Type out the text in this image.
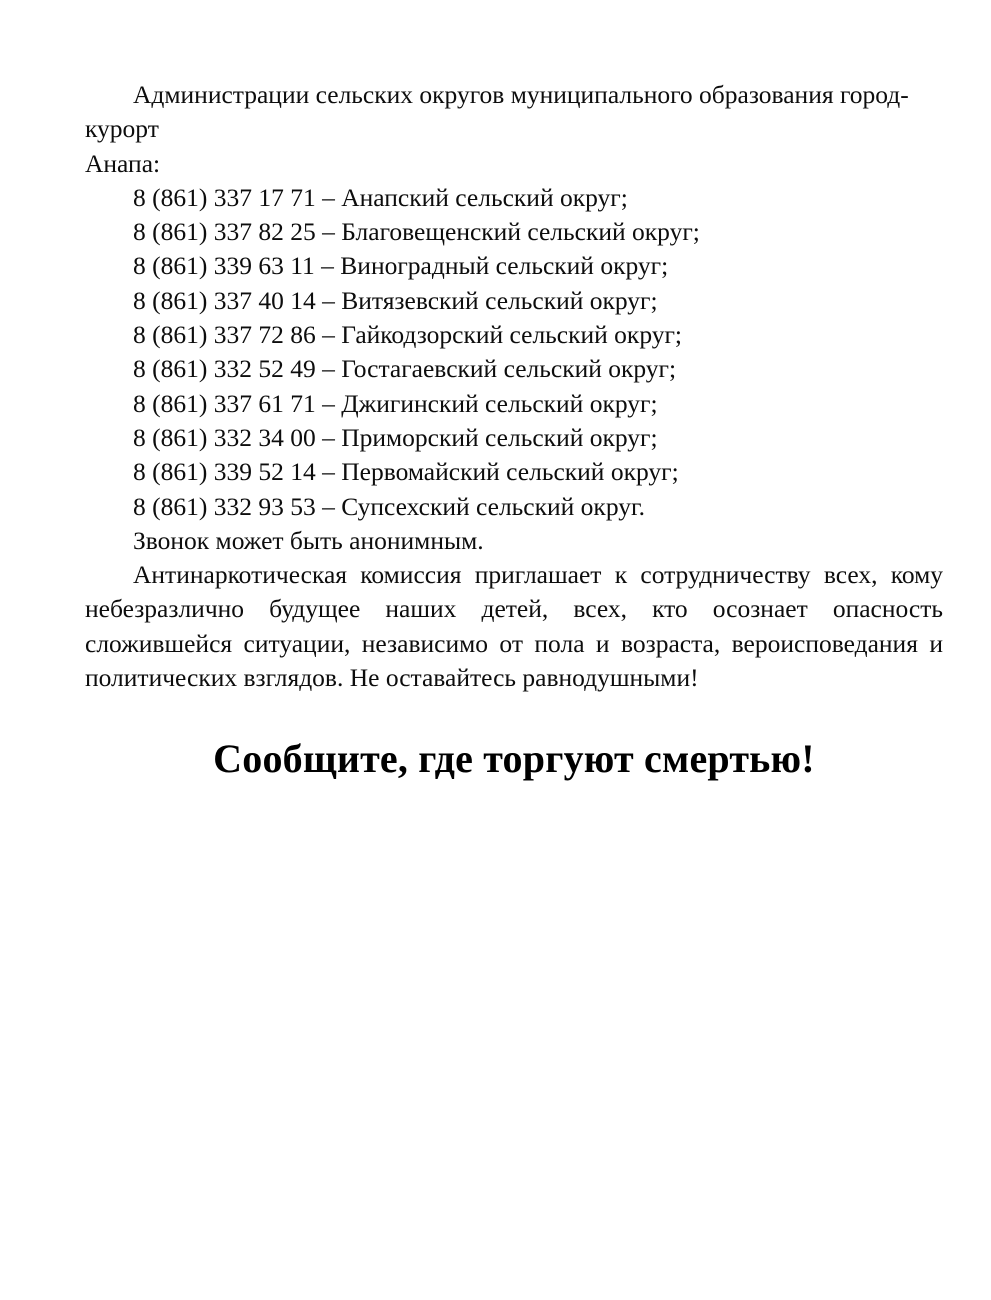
Администрации сельских округов муниципального образования город-курорт

Анапа:

8 (861) 337 17 71 – Анапский сельский округ;

8 (861) 337 82 25 – Благовещенский сельский округ;

8 (861) 339 63 11 – Виноградный сельский округ;

8 (861) 337 40 14 – Витязевский сельский округ;

8 (861) 337 72 86 – Гайкодзорский сельский округ;

8 (861) 332 52 49 – Гостагаевский сельский округ;

8 (861) 337 61 71 – Джигинский сельский округ;

8 (861) 332 34 00 – Приморский сельский округ;

8 (861) 339 52 14 – Первомайский сельский округ;

8 (861) 332 93 53 – Супсехский сельский округ.

Звонок может быть анонимным.

Антинаркотическая комиссия приглашает к сотрудничеству всех, кому небезразлично будущее наших детей, всех, кто осознает опасность сложившейся ситуации, независимо от пола и возраста, вероисповедания и политических взглядов. Не оставайтесь равнодушными!

Сообщите, где торгуют смертью!
